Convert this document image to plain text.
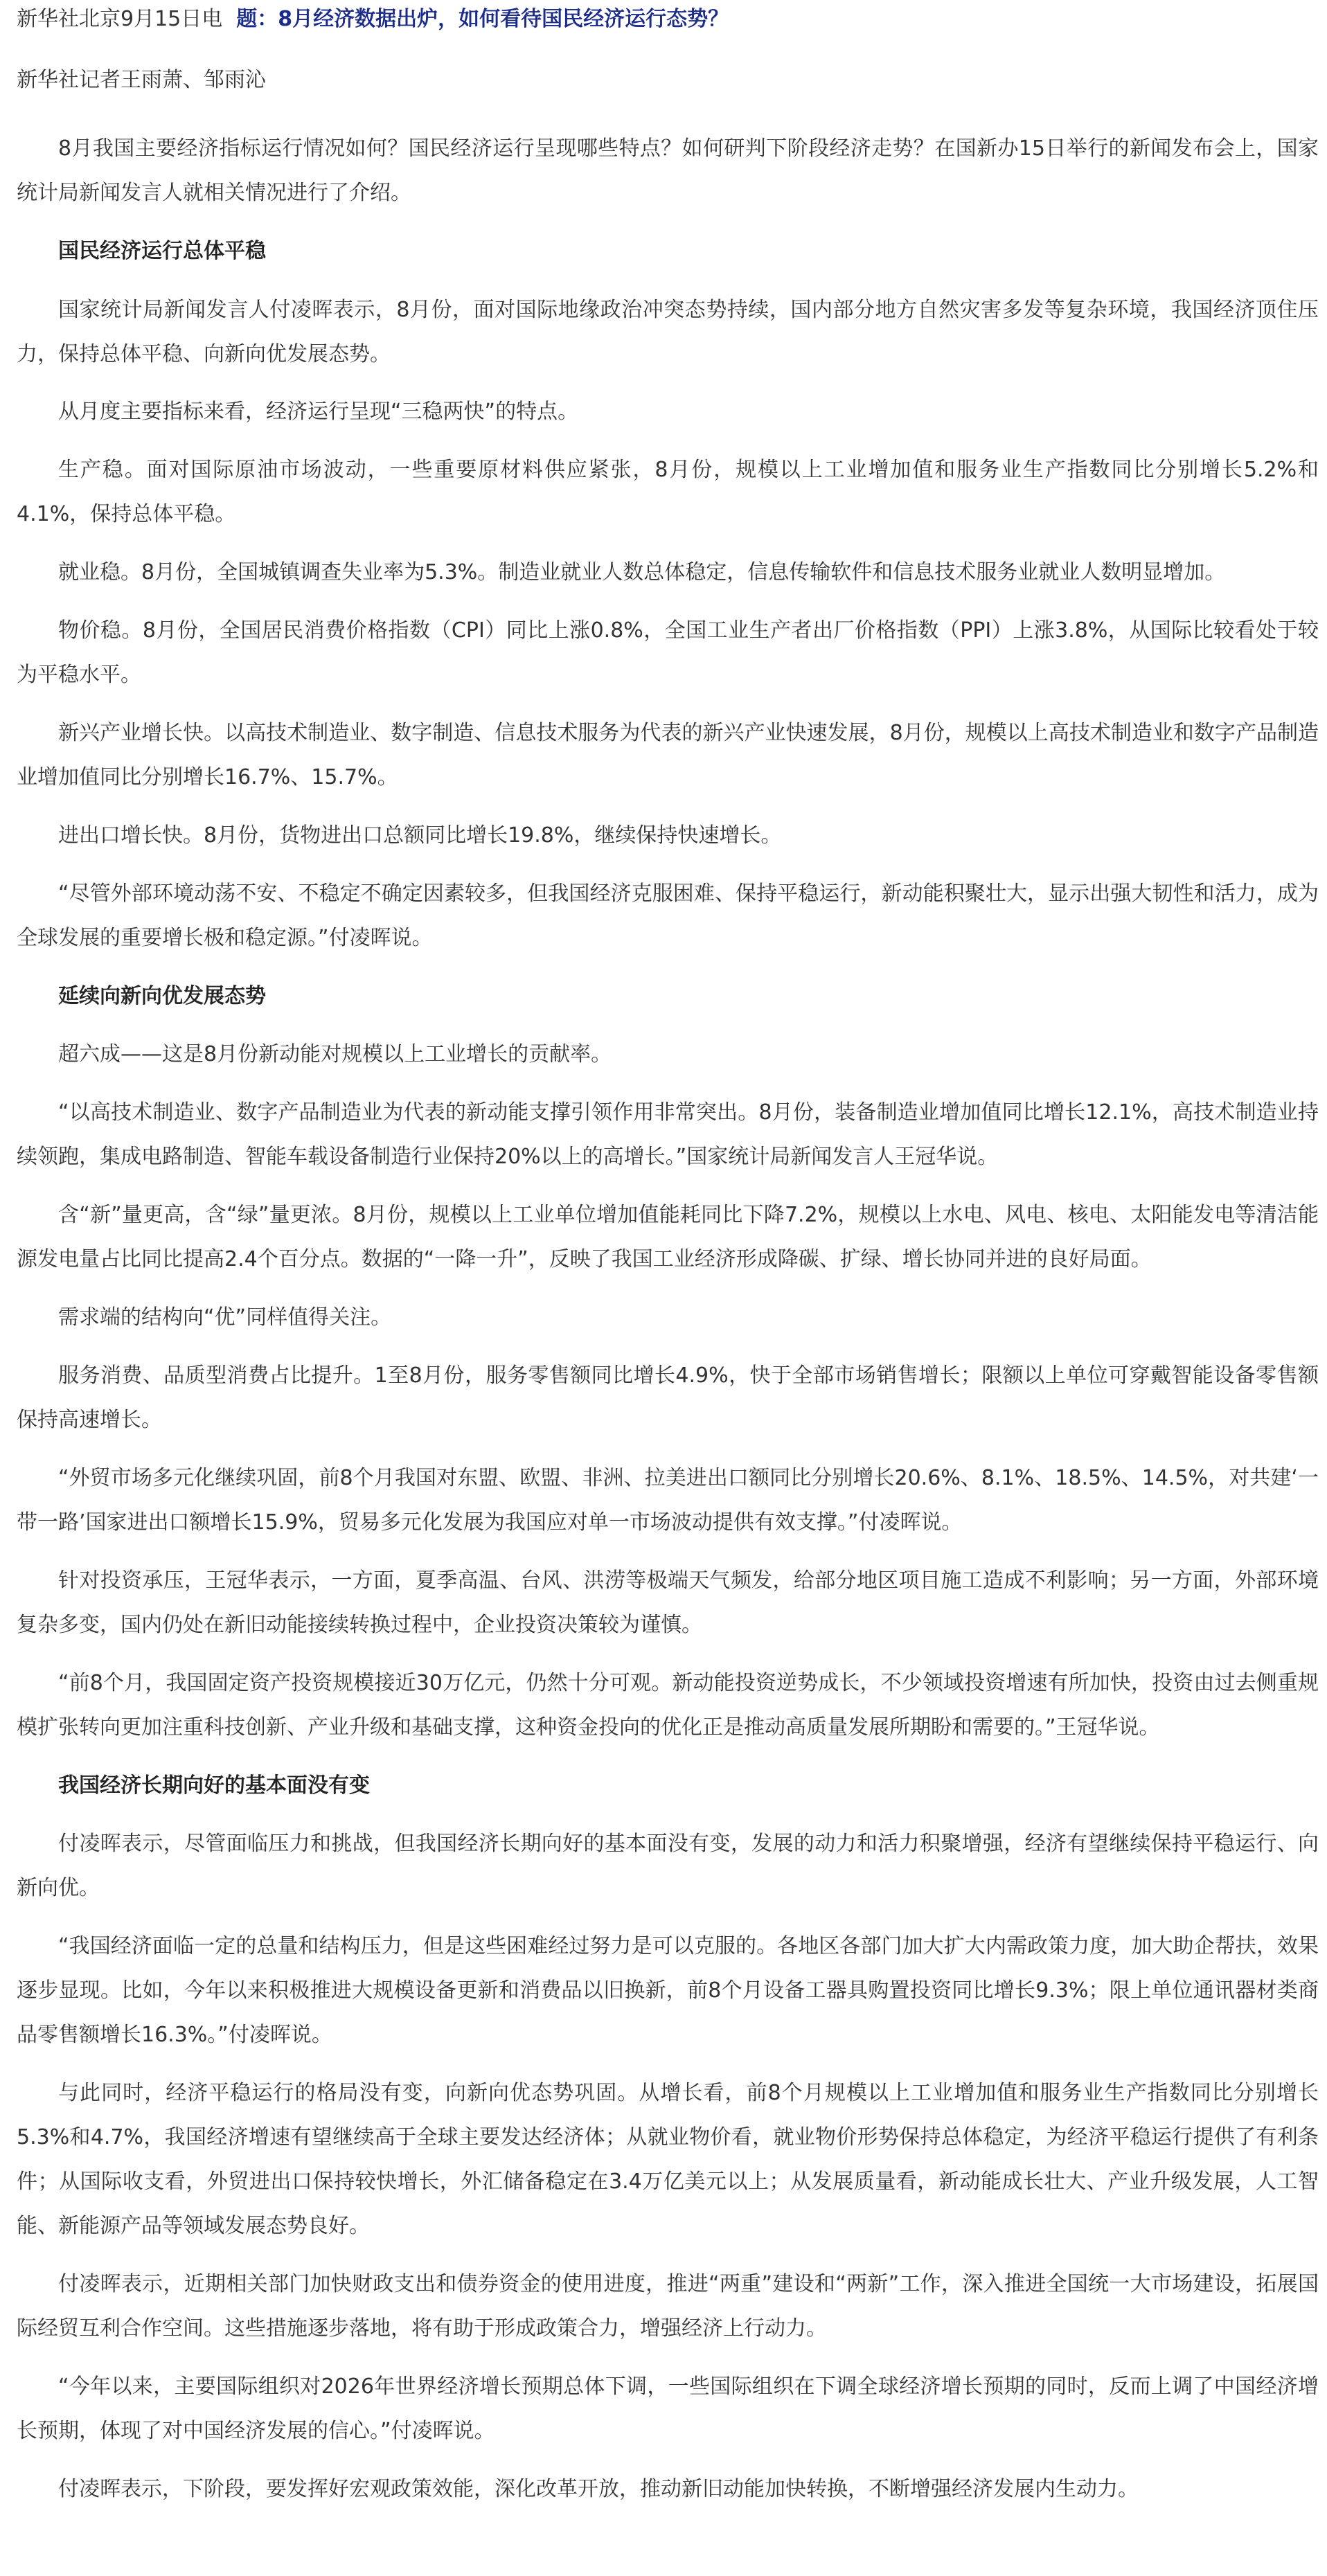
新华社北京9月15日电 题：8月经济数据出炉，如何看待国民经济运行态势？

新华社记者王雨萧、邹雨沁

8月我国主要经济指标运行情况如何？国民经济运行呈现哪些特点？如何研判下阶段经济走势？在国新办15日举行的新闻发布会上，国家统计局新闻发言人就相关情况进行了介绍。

国民经济运行总体平稳

国家统计局新闻发言人付凌晖表示，8月份，面对国际地缘政治冲突态势持续，国内部分地方自然灾害多发等复杂环境，我国经济顶住压力，保持总体平稳、向新向优发展态势。

从月度主要指标来看，经济运行呈现“三稳两快”的特点。

生产稳。面对国际原油市场波动，一些重要原材料供应紧张，8月份，规模以上工业增加值和服务业生产指数同比分别增长5.2%和4.1%，保持总体平稳。

就业稳。8月份，全国城镇调查失业率为5.3%。制造业就业人数总体稳定，信息传输软件和信息技术服务业就业人数明显增加。

物价稳。8月份，全国居民消费价格指数（CPI）同比上涨0.8%，全国工业生产者出厂价格指数（PPI）上涨3.8%，从国际比较看处于较为平稳水平。

新兴产业增长快。以高技术制造业、数字制造、信息技术服务为代表的新兴产业快速发展，8月份，规模以上高技术制造业和数字产品制造业增加值同比分别增长16.7%、15.7%。

进出口增长快。8月份，货物进出口总额同比增长19.8%，继续保持快速增长。

“尽管外部环境动荡不安、不稳定不确定因素较多，但我国经济克服困难、保持平稳运行，新动能积聚壮大，显示出强大韧性和活力，成为全球发展的重要增长极和稳定源。”付凌晖说。

延续向新向优发展态势

超六成——这是8月份新动能对规模以上工业增长的贡献率。

“以高技术制造业、数字产品制造业为代表的新动能支撑引领作用非常突出。8月份，装备制造业增加值同比增长12.1%，高技术制造业持续领跑，集成电路制造、智能车载设备制造行业保持20%以上的高增长。”国家统计局新闻发言人王冠华说。

含“新”量更高，含“绿”量更浓。8月份，规模以上工业单位增加值能耗同比下降7.2%，规模以上水电、风电、核电、太阳能发电等清洁能源发电量占比同比提高2.4个百分点。数据的“一降一升”，反映了我国工业经济形成降碳、扩绿、增长协同并进的良好局面。

需求端的结构向“优”同样值得关注。

服务消费、品质型消费占比提升。1至8月份，服务零售额同比增长4.9%，快于全部市场销售增长；限额以上单位可穿戴智能设备零售额保持高速增长。

“外贸市场多元化继续巩固，前8个月我国对东盟、欧盟、非洲、拉美进出口额同比分别增长20.6%、8.1%、18.5%、14.5%，对共建‘一带一路’国家进出口额增长15.9%，贸易多元化发展为我国应对单一市场波动提供有效支撑。”付凌晖说。

针对投资承压，王冠华表示，一方面，夏季高温、台风、洪涝等极端天气频发，给部分地区项目施工造成不利影响；另一方面，外部环境复杂多变，国内仍处在新旧动能接续转换过程中，企业投资决策较为谨慎。

“前8个月，我国固定资产投资规模接近30万亿元，仍然十分可观。新动能投资逆势成长，不少领域投资增速有所加快，投资由过去侧重规模扩张转向更加注重科技创新、产业升级和基础支撑，这种资金投向的优化正是推动高质量发展所期盼和需要的。”王冠华说。

我国经济长期向好的基本面没有变

付凌晖表示，尽管面临压力和挑战，但我国经济长期向好的基本面没有变，发展的动力和活力积聚增强，经济有望继续保持平稳运行、向新向优。

“我国经济面临一定的总量和结构压力，但是这些困难经过努力是可以克服的。各地区各部门加大扩大内需政策力度，加大助企帮扶，效果逐步显现。比如，今年以来积极推进大规模设备更新和消费品以旧换新，前8个月设备工器具购置投资同比增长9.3%；限上单位通讯器材类商品零售额增长16.3%。”付凌晖说。

与此同时，经济平稳运行的格局没有变，向新向优态势巩固。从增长看，前8个月规模以上工业增加值和服务业生产指数同比分别增长5.3%和4.7%，我国经济增速有望继续高于全球主要发达经济体；从就业物价看，就业物价形势保持总体稳定，为经济平稳运行提供了有利条件；从国际收支看，外贸进出口保持较快增长，外汇储备稳定在3.4万亿美元以上；从发展质量看，新动能成长壮大、产业升级发展，人工智能、新能源产品等领域发展态势良好。

付凌晖表示，近期相关部门加快财政支出和债券资金的使用进度，推进“两重”建设和“两新”工作，深入推进全国统一大市场建设，拓展国际经贸互利合作空间。这些措施逐步落地，将有助于形成政策合力，增强经济上行动力。

“今年以来，主要国际组织对2026年世界经济增长预期总体下调，一些国际组织在下调全球经济增长预期的同时，反而上调了中国经济增长预期，体现了对中国经济发展的信心。”付凌晖说。

付凌晖表示，下阶段，要发挥好宏观政策效能，深化改革开放，推动新旧动能加快转换，不断增强经济发展内生动力。
